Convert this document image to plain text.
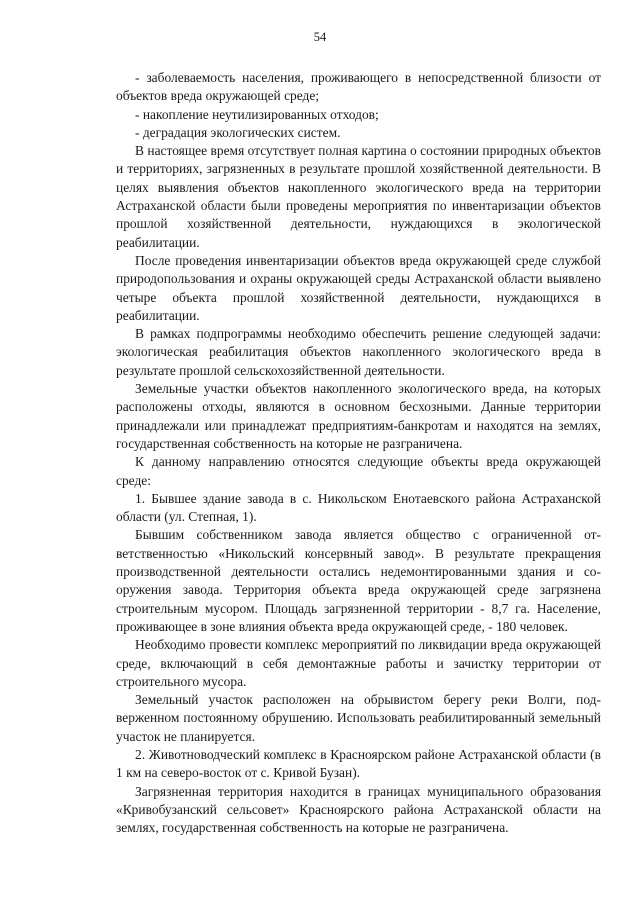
54

- заболеваемость населения, проживающего в непосредственной близости от объектов вреда окружающей среде;

- накопление неутилизированных отходов;

- деградация экологических систем.

В настоящее время отсутствует полная картина о состоянии природных объектов и территориях, загрязненных в результате прошлой хозяйственной деятельности. В целях выявления объектов накопленного экологического вреда на территории Астраханской области были проведены мероприятия по инвентаризации объектов прошлой хозяйственной деятельности, нуждающихся в экологической реабилитации.

После проведения инвентаризации объектов вреда окружающей среде службой природопользования и охраны окружающей среды Астраханской области выявлено четыре объекта прошлой хозяйственной деятельности, нуждающихся в реабилитации.

В рамках подпрограммы необходимо обеспечить решение следующей задачи: экологическая реабилитация объектов накопленного экологического вреда в результате прошлой сельскохозяйственной деятельности.

Земельные участки объектов накопленного экологического вреда, на которых расположены отходы, являются в основном бесхозными. Данные территории принадлежали или принадлежат предприятиям-банкротам и находятся на землях, государственная собственность на которые не разграничена.

К данному направлению относятся следующие объекты вреда окружающей среде:

1. Бывшее здание завода в с. Никольском Енотаевского района Астраханской области (ул. Степная, 1).

Бывшим собственником завода является общество с ограниченной ответственностью «Никольский консервный завод». В результате прекращения производственной деятельности остались недемонтированными здания и сооружения завода. Территория объекта вреда окружающей среде загрязнена строительным мусором. Площадь загрязненной территории - 8,7 га. Население, проживающее в зоне влияния объекта вреда окружающей среде, - 180 человек.

Необходимо провести комплекс мероприятий по ликвидации вреда окружающей среде, включающий в себя демонтажные работы и зачистку территории от строительного мусора.

Земельный участок расположен на обрывистом берегу реки Волги, подверженном постоянному обрушению. Использовать реабилитированный земельный участок не планируется.

2. Животноводческий комплекс в Красноярском районе Астраханской области (в 1 км на северо-восток от с. Кривой Бузан).

Загрязненная территория находится в границах муниципального образования «Кривобузанский сельсовет» Красноярского района Астраханской области на землях, государственная собственность на которые не разграничена.
